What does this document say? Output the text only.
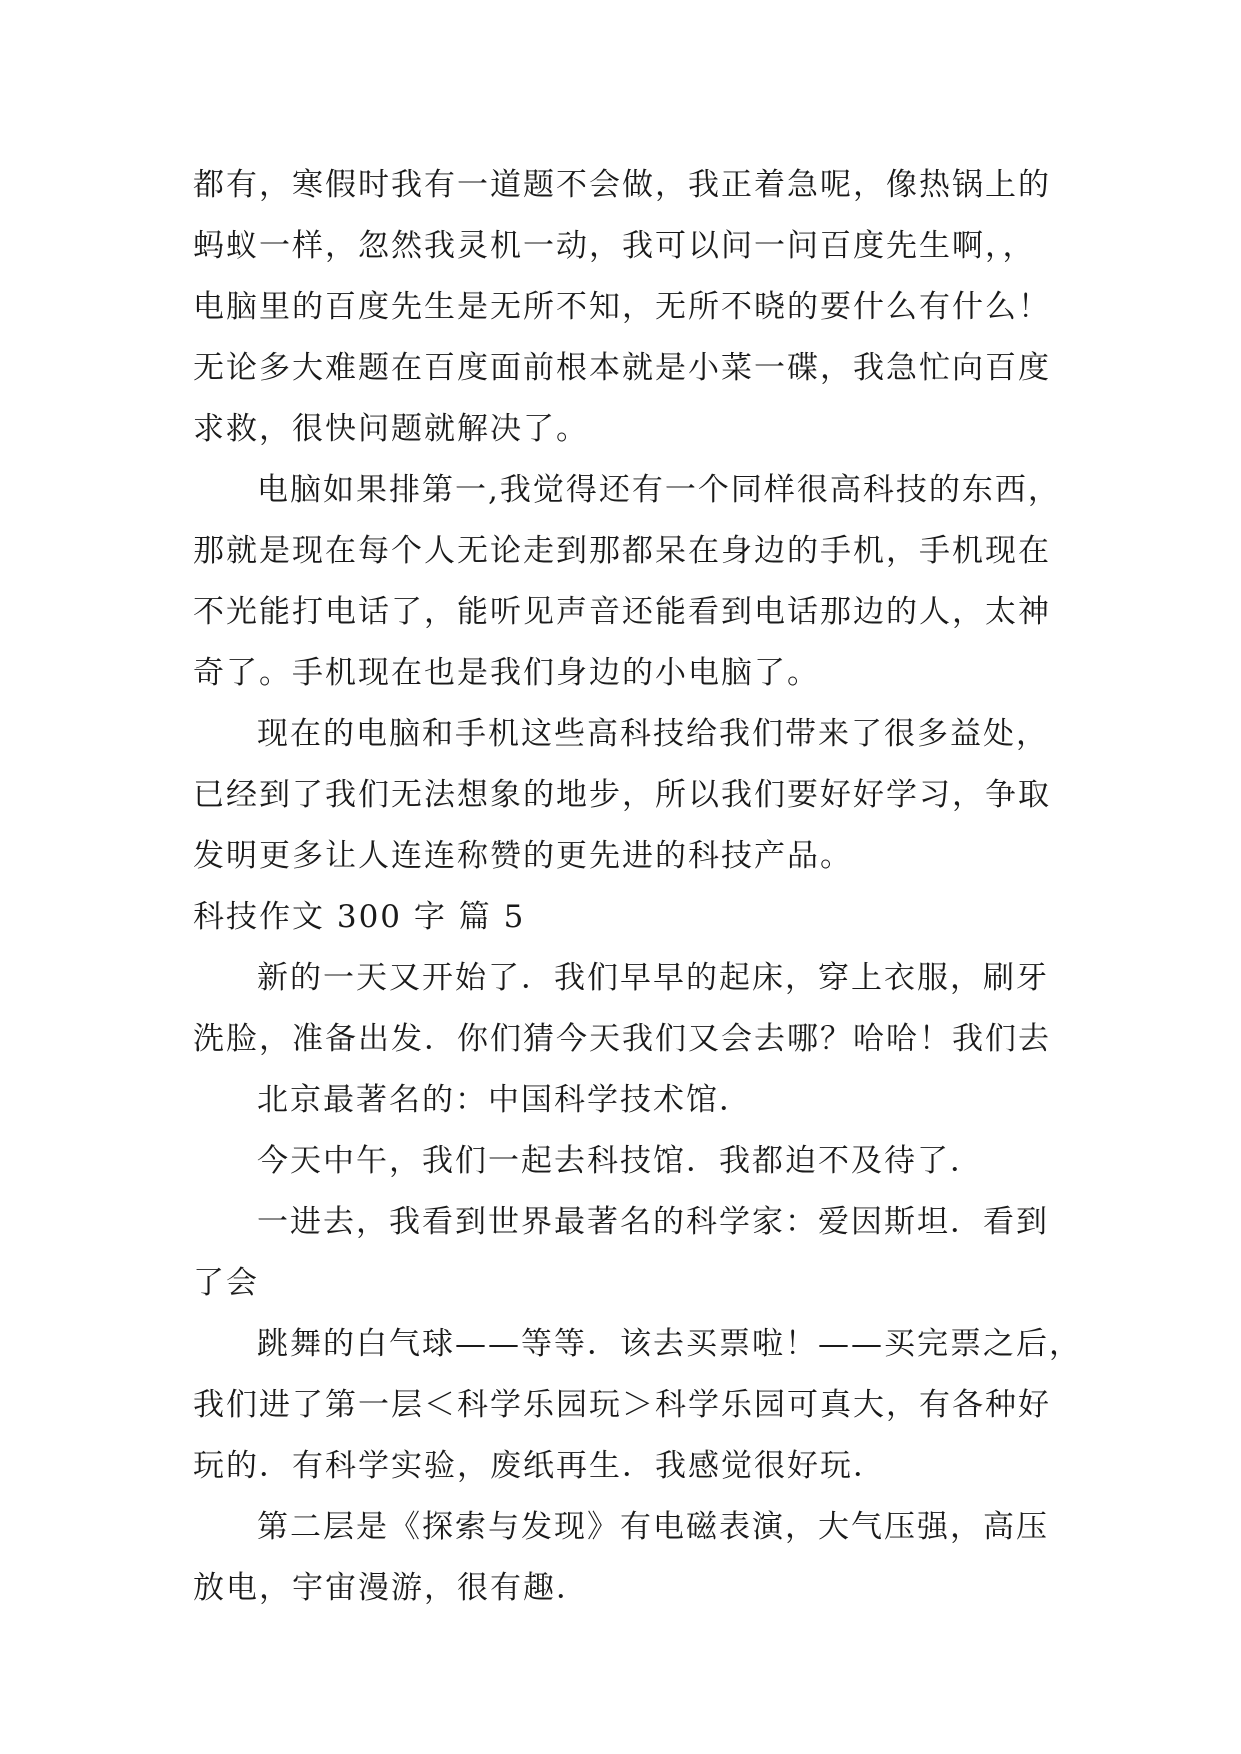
都有，寒假时我有一道题不会做，我正着急呢，像热锅上的
蚂蚁一样，忽然我灵机一动，我可以问一问百度先生啊，，
电脑里的百度先生是无所不知，无所不晓的要什么有什么！
无论多大难题在百度面前根本就是小菜一碟，我急忙向百度
求救，很快问题就解决了。
电脑如果排第一,我觉得还有一个同样很高科技的东西，
那就是现在每个人无论走到那都呆在身边的手机，手机现在
不光能打电话了，能听见声音还能看到电话那边的人，太神
奇了。手机现在也是我们身边的小电脑了。
现在的电脑和手机这些高科技给我们带来了很多益处，
已经到了我们无法想象的地步，所以我们要好好学习，争取
发明更多让人连连称赞的更先进的科技产品。
科技作文 300 字 篇 5
新的一天又开始了．我们早早的起床，穿上衣服，刷牙
洗脸，准备出发．你们猜今天我们又会去哪？哈哈！我们去
北京最著名的：中国科学技术馆．
今天中午，我们一起去科技馆．我都迫不及待了．
一进去，我看到世界最著名的科学家：爱因斯坦．看到
了会
跳舞的白气球——等等．该去买票啦！——买完票之后，
我们进了第一层＜科学乐园玩＞科学乐园可真大，有各种好
玩的．有科学实验，废纸再生．我感觉很好玩．
第二层是《探索与发现》有电磁表演，大气压强，高压
放电，宇宙漫游，很有趣．
